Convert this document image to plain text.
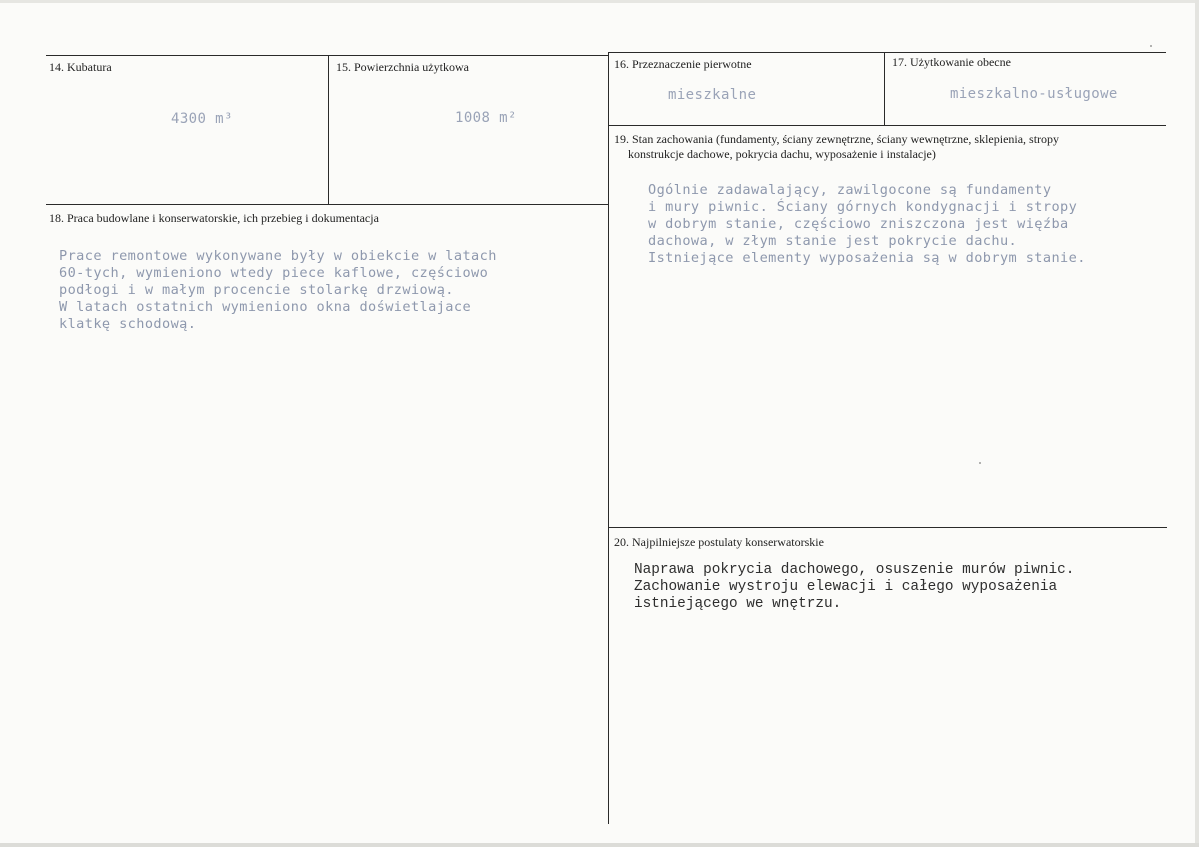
14. Kubatura
4300 m³
15. Powierzchnia użytkowa
1008 m²
16. Przeznaczenie pierwotne
mieszkalne
17. Użytkowanie obecne
mieszkalno-usługowe
19. Stan zachowania (fundamenty, ściany zewnętrzne, ściany wewnętrzne, sklepienia, stropy
konstrukcje dachowe, pokrycia dachu, wyposażenie i instalacje)
Ogólnie zadawalający, zawilgocone są fundamenty
i mury piwnic. Ściany górnych kondygnacji i stropy
w dobrym stanie, częściowo zniszczona jest więźba
dachowa, w złym stanie jest pokrycie dachu.
Istniejące elementy wyposażenia są w dobrym stanie.
18. Praca budowlane i konserwatorskie, ich przebieg i dokumentacja
Prace remontowe wykonywane były w obiekcie w latach
60-tych, wymieniono wtedy piece kaflowe, częściowo
podłogi i w małym procencie stolarkę drzwiową.
W latach ostatnich wymieniono okna doświetlajace
klatkę schodową.
20. Najpilniejsze postulaty konserwatorskie
Naprawa pokrycia dachowego, osuszenie murów piwnic.
Zachowanie wystroju elewacji i całego wyposażenia
istniejącego we wnętrzu.
